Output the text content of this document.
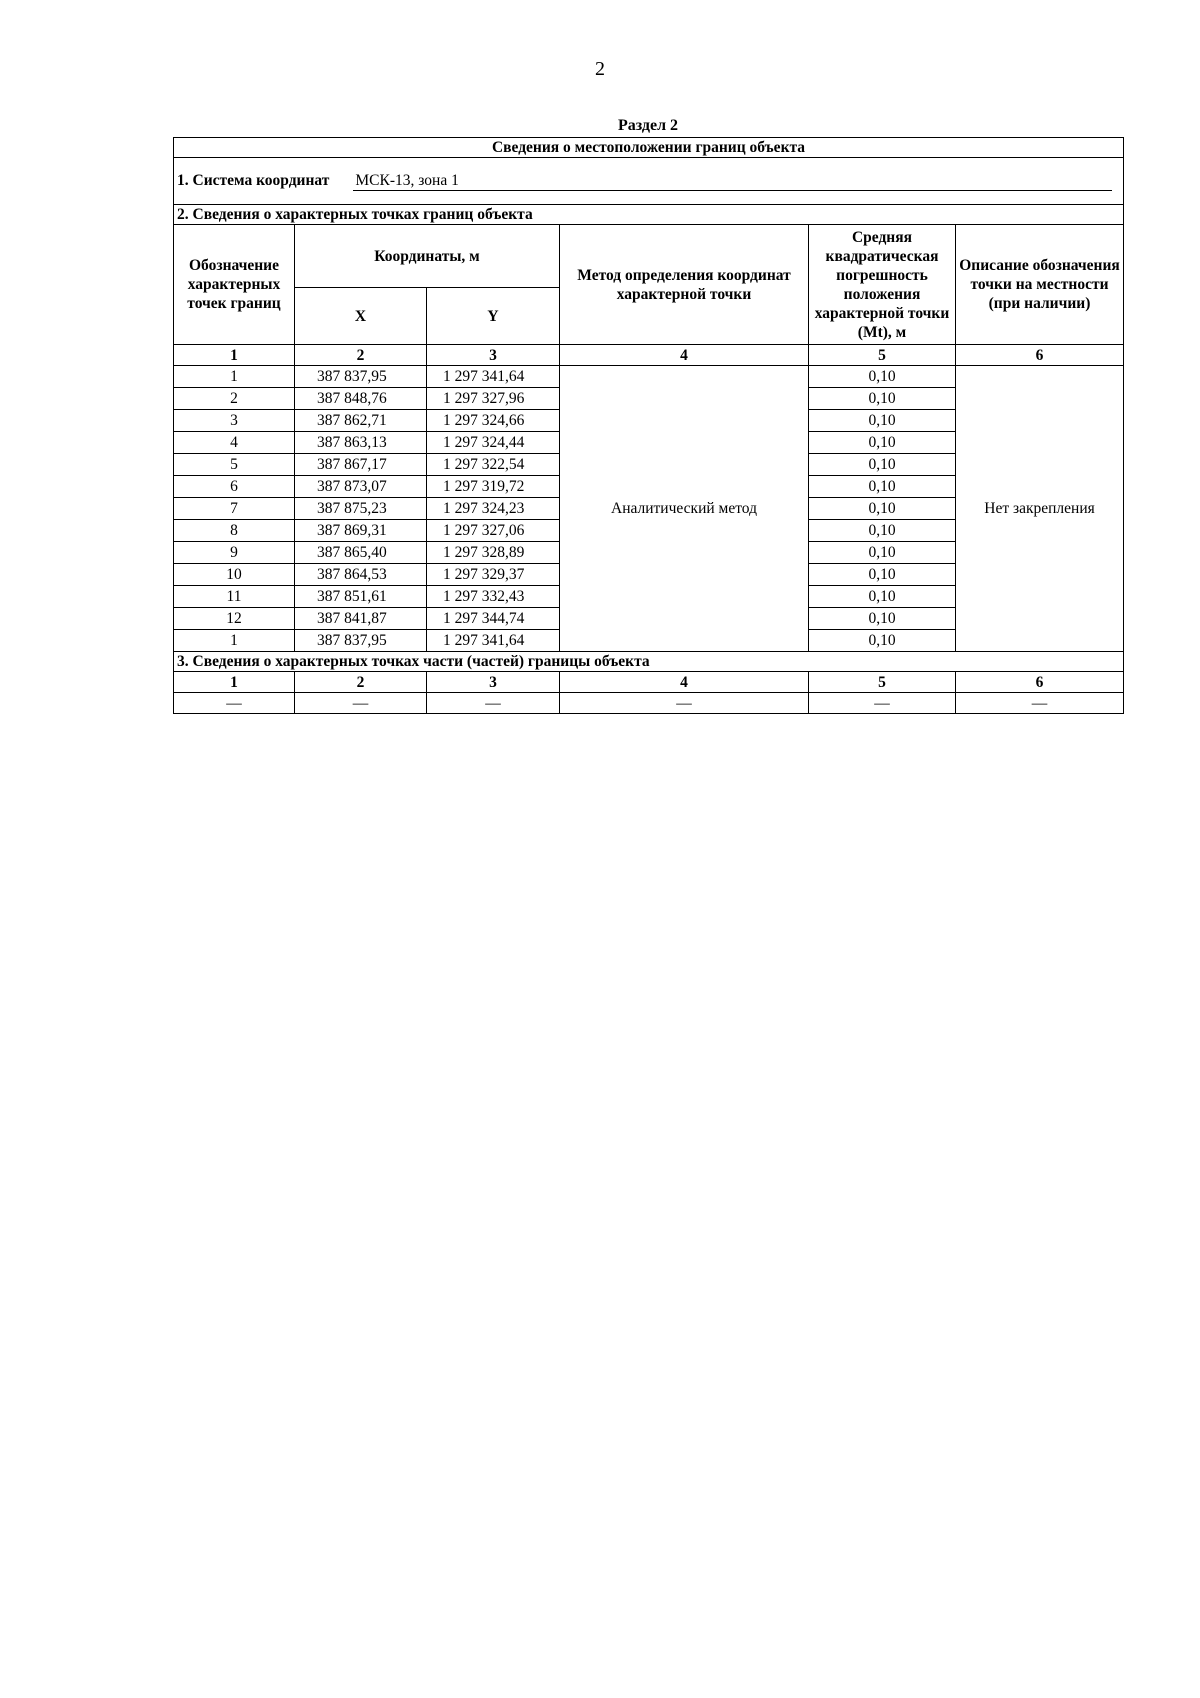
2
Раздел 2
Сведения о местоположении границ объекта					

1. Система координат МСК-13, зона 1					

2. Сведения о характерных точках границ объекта					
Обозначение характерных точек границ	Координаты, м		Метод определения координат характерной точки	Средняя квадратическая погрешность положения характерной точки (Mt), м	Описание обозначения точки на местности (при наличии)
	X	Y			
1	2	3	4	5	6
1	387 837,95	1 297 341,64	Аналитический метод	0,10	Нет закрепления
2	387 848,76	1 297 327,96		0,10	
3	387 862,71	1 297 324,66		0,10	
4	387 863,13	1 297 324,44		0,10	
5	387 867,17	1 297 322,54		0,10	
6	387 873,07	1 297 319,72		0,10	
7	387 875,23	1 297 324,23		0,10	
8	387 869,31	1 297 327,06		0,10	
9	387 865,40	1 297 328,89		0,10	
10	387 864,53	1 297 329,37		0,10	
11	387 851,61	1 297 332,43		0,10	
12	387 841,87	1 297 344,74		0,10	
1	387 837,95	1 297 341,64		0,10	
3. Сведения о характерных точках части (частей) границы объекта					
1	2	3	4	5	6
—	—	—	—	—	—
